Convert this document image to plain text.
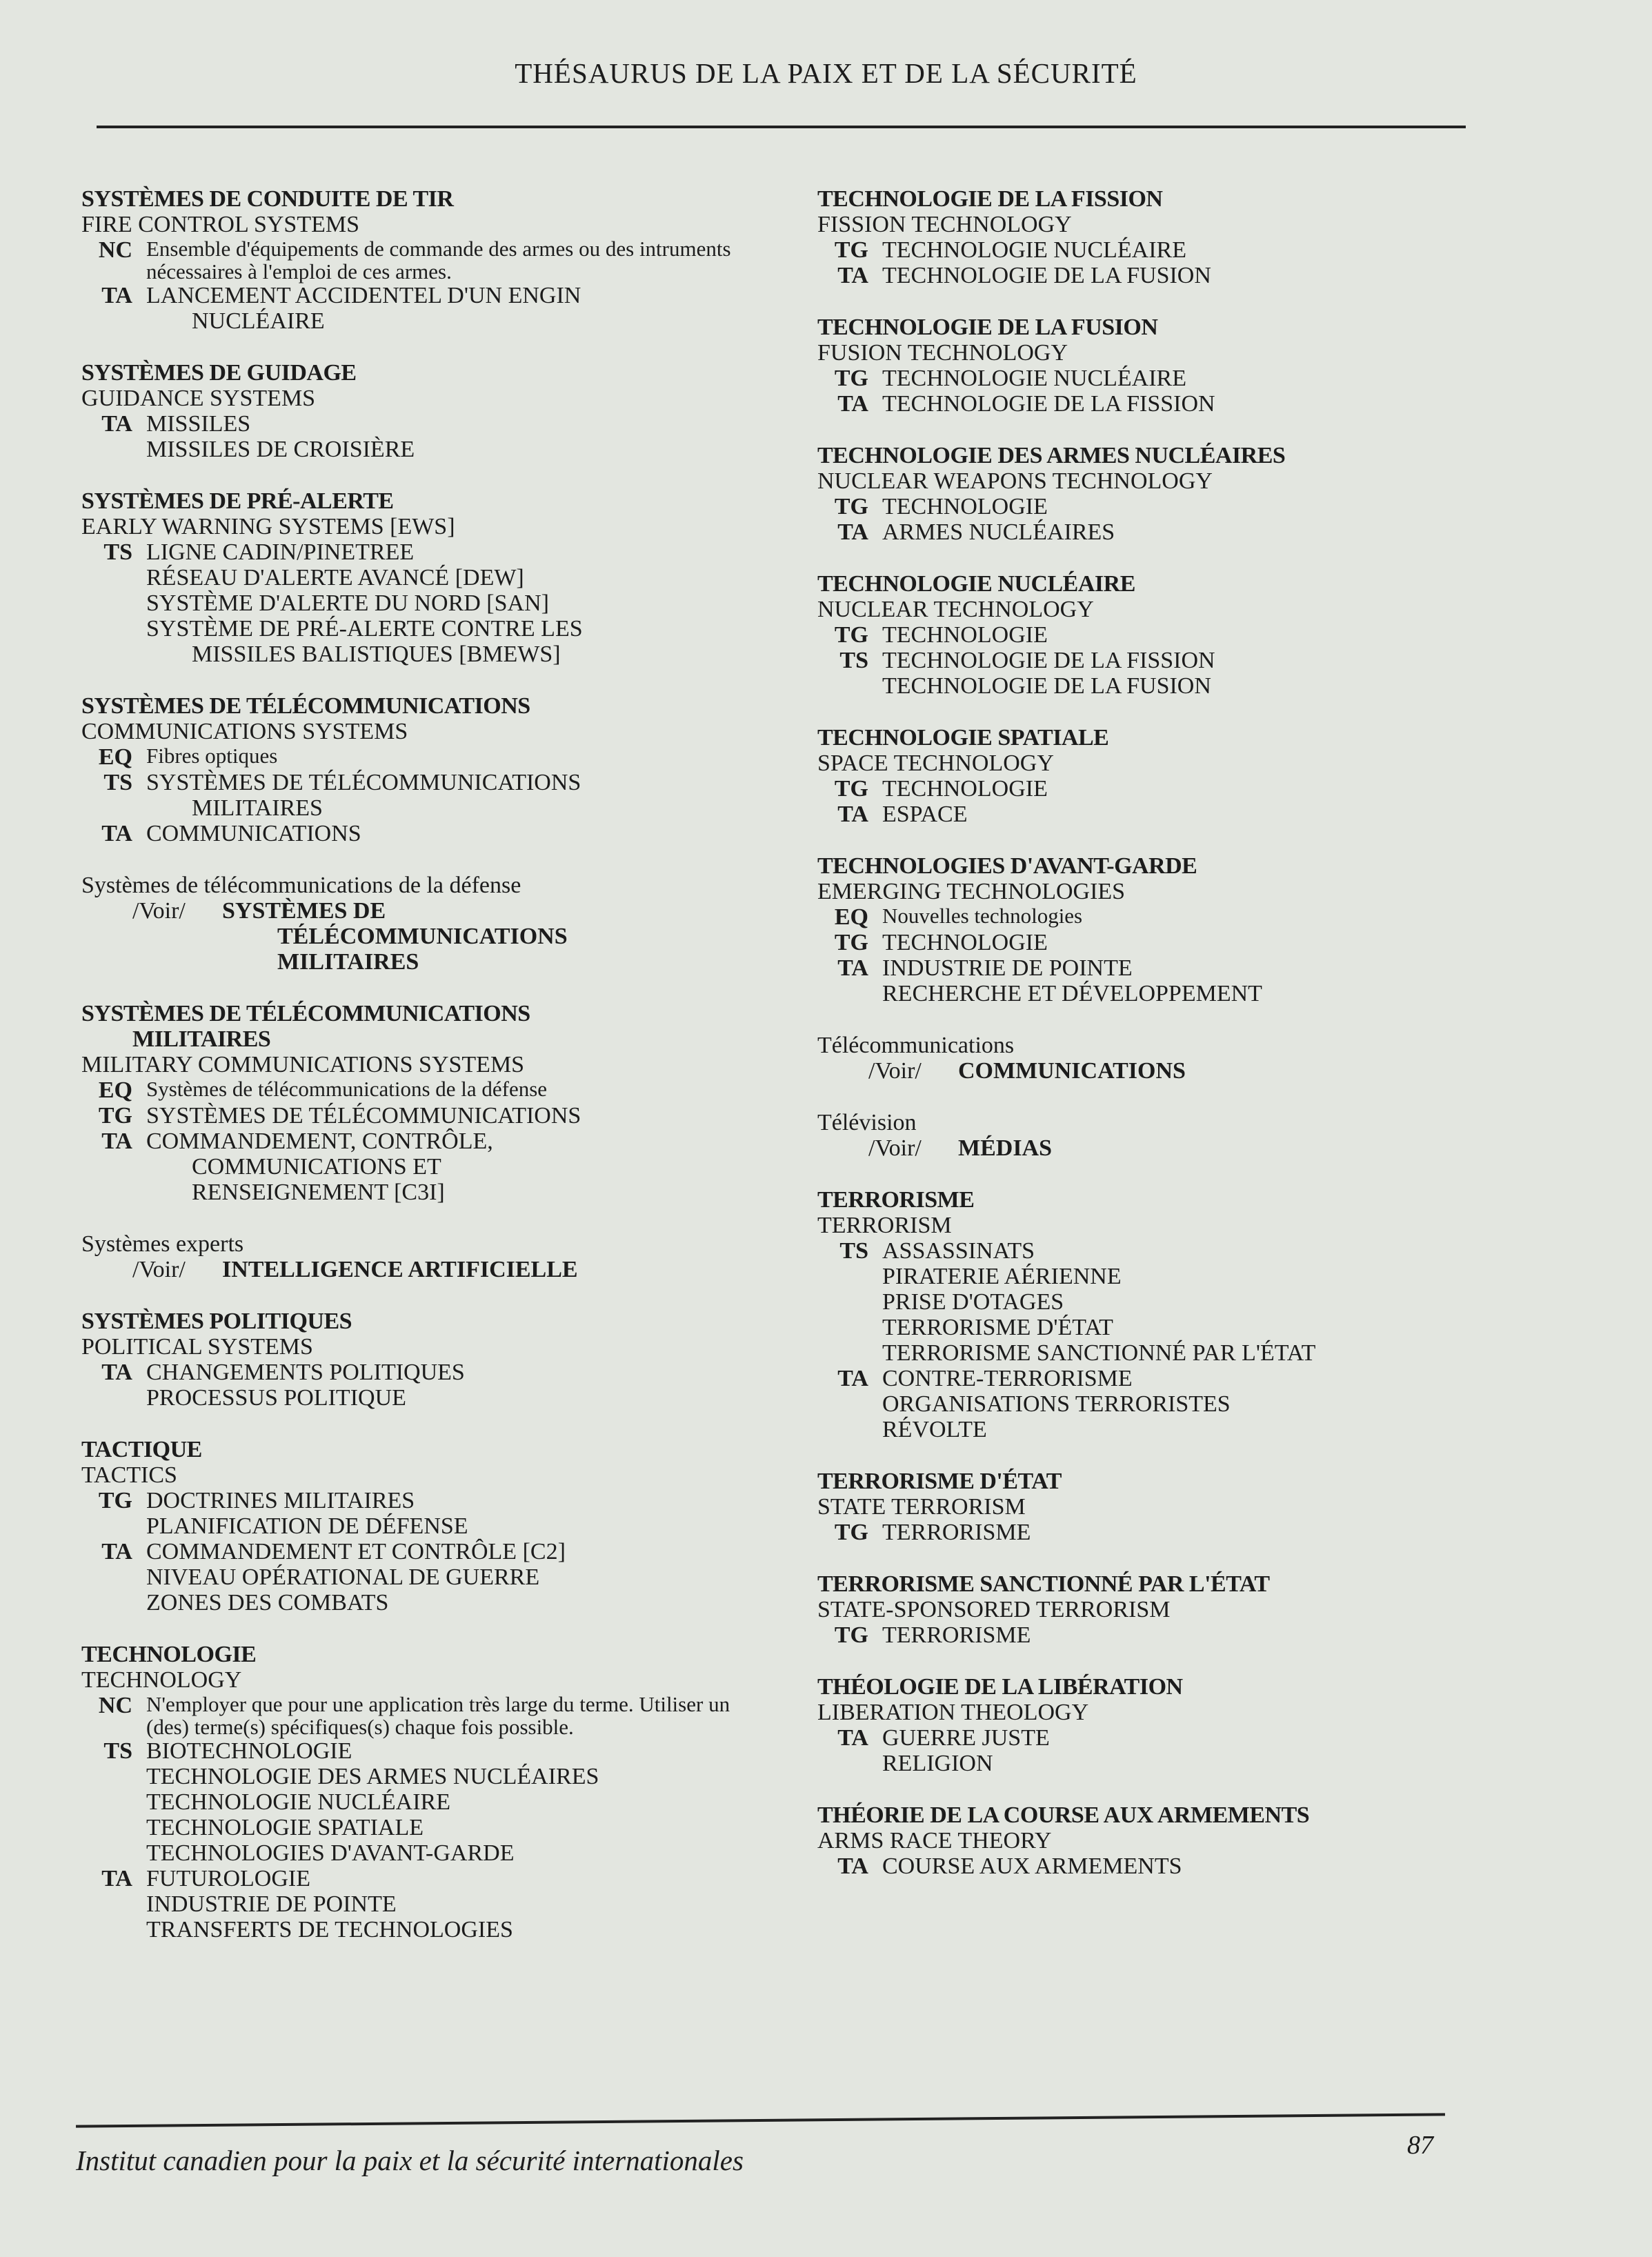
THÉSAURUS DE LA PAIX ET DE LA SÉCURITÉ
SYSTÈMES DE CONDUITE DE TIR
FIRE CONTROL SYSTEMS
NC Ensemble d'équipements de commande des armes ou des intruments nécessaires à l'emploi de ces armes.
TA LANCEMENT ACCIDENTEL D'UN ENGIN
NUCLÉAIRE
SYSTÈMES DE GUIDAGE
GUIDANCE SYSTEMS
TA MISSILES
MISSILES DE CROISIÈRE
SYSTÈMES DE PRÉ-ALERTE
EARLY WARNING SYSTEMS [EWS]
TS LIGNE CADIN/PINETREE
RÉSEAU D'ALERTE AVANCÉ [DEW]
SYSTÈME D'ALERTE DU NORD [SAN]
SYSTÈME DE PRÉ-ALERTE CONTRE LES
MISSILES BALISTIQUES [BMEWS]
SYSTÈMES DE TÉLÉCOMMUNICATIONS
COMMUNICATIONS SYSTEMS
EQ Fibres optiques
TS SYSTÈMES DE TÉLÉCOMMUNICATIONS
MILITAIRES
TA COMMUNICATIONS
Systèmes de télécommunications de la défense
/Voir/	SYSTÈMES DE
TÉLÉCOMMUNICATIONS
MILITAIRES
SYSTÈMES DE TÉLÉCOMMUNICATIONS
MILITAIRES
MILITARY COMMUNICATIONS SYSTEMS
EQ Systèmes de télécommunications de la défense
TG SYSTÈMES DE TÉLÉCOMMUNICATIONS
TA COMMANDEMENT, CONTRÔLE,
COMMUNICATIONS ET
RENSEIGNEMENT [C3I]
Systèmes experts
/Voir/	INTELLIGENCE ARTIFICIELLE
SYSTÈMES POLITIQUES
POLITICAL SYSTEMS
TA CHANGEMENTS POLITIQUES
PROCESSUS POLITIQUE
TACTIQUE
TACTICS
TG DOCTRINES MILITAIRES
PLANIFICATION DE DÉFENSE
TA COMMANDEMENT ET CONTRÔLE [C2]
NIVEAU OPÉRATIONAL DE GUERRE
ZONES DES COMBATS
TECHNOLOGIE
TECHNOLOGY
NC N'employer que pour une application très large du terme. Utiliser un (des) terme(s) spécifiques(s) chaque fois possible.
TS BIOTECHNOLOGIE
TECHNOLOGIE DES ARMES NUCLÉAIRES
TECHNOLOGIE NUCLÉAIRE
TECHNOLOGIE SPATIALE
TECHNOLOGIES D'AVANT-GARDE
TA FUTUROLOGIE
INDUSTRIE DE POINTE
TRANSFERTS DE TECHNOLOGIES
TECHNOLOGIE DE LA FISSION
FISSION TECHNOLOGY
TG TECHNOLOGIE NUCLÉAIRE
TA TECHNOLOGIE DE LA FUSION
TECHNOLOGIE DE LA FUSION
FUSION TECHNOLOGY
TG TECHNOLOGIE NUCLÉAIRE
TA TECHNOLOGIE DE LA FISSION
TECHNOLOGIE DES ARMES NUCLÉAIRES
NUCLEAR WEAPONS TECHNOLOGY
TG TECHNOLOGIE
TA ARMES NUCLÉAIRES
TECHNOLOGIE NUCLÉAIRE
NUCLEAR TECHNOLOGY
TG TECHNOLOGIE
TS TECHNOLOGIE DE LA FISSION
TECHNOLOGIE DE LA FUSION
TECHNOLOGIE SPATIALE
SPACE TECHNOLOGY
TG TECHNOLOGIE
TA ESPACE
TECHNOLOGIES D'AVANT-GARDE
EMERGING TECHNOLOGIES
EQ Nouvelles technologies
TG TECHNOLOGIE
TA INDUSTRIE DE POINTE
RECHERCHE ET DÉVELOPPEMENT
Télécommunications
/Voir/	COMMUNICATIONS
Télévision
/Voir/	MÉDIAS
TERRORISME
TERRORISM
TS ASSASSINATS
PIRATERIE AÉRIENNE
PRISE D'OTAGES
TERRORISME D'ÉTAT
TERRORISME SANCTIONNÉ PAR L'ÉTAT
TA CONTRE-TERRORISME
ORGANISATIONS TERRORISTES
RÉVOLTE
TERRORISME D'ÉTAT
STATE TERRORISM
TG TERRORISME
TERRORISME SANCTIONNÉ PAR L'ÉTAT
STATE-SPONSORED TERRORISM
TG TERRORISME
THÉOLOGIE DE LA LIBÉRATION
LIBERATION THEOLOGY
TA GUERRE JUSTE
RELIGION
THÉORIE DE LA COURSE AUX ARMEMENTS
ARMS RACE THEORY
TA COURSE AUX ARMEMENTS
Institut canadien pour la paix et la sécurité internationales	87
